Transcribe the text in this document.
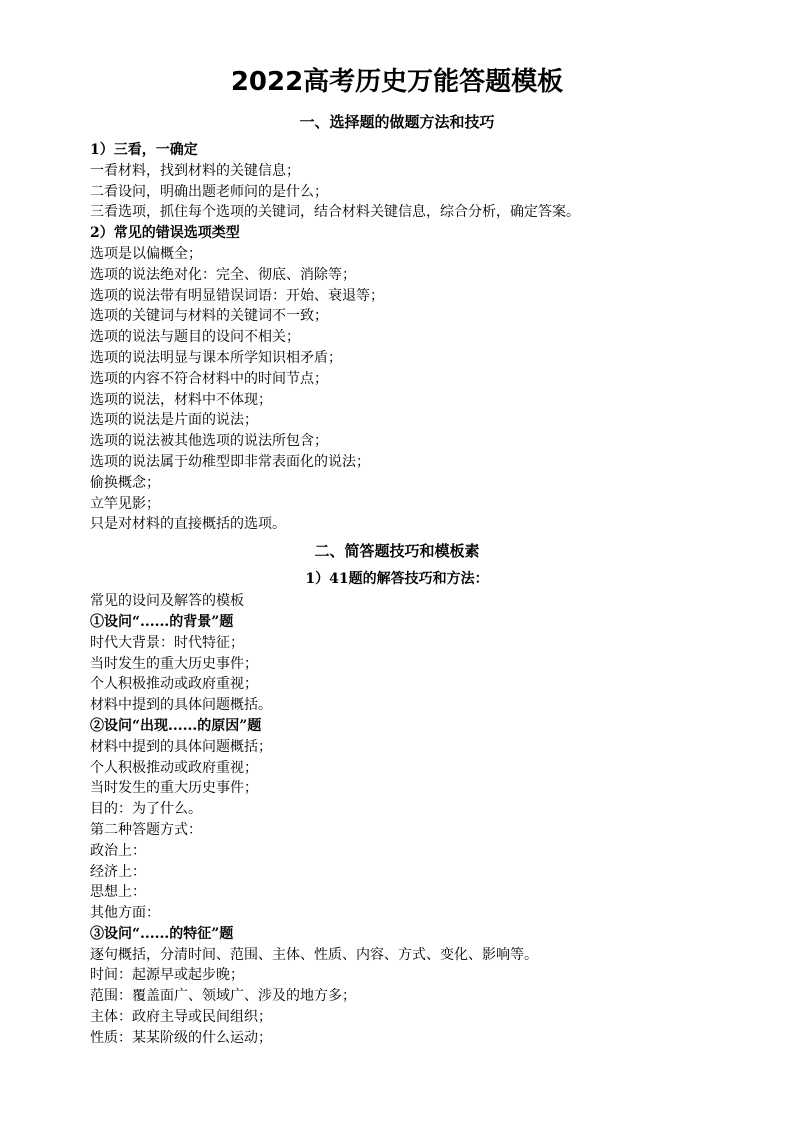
2022高考历史万能答题模板
一、选择题的做题方法和技巧
1）三看，一确定
一看材料，找到材料的关键信息；
二看设问，明确出题老师问的是什么；
三看选项，抓住每个选项的关键词，结合材料关键信息，综合分析，确定答案。
2）常见的错误选项类型
选项是以偏概全；
选项的说法绝对化：完全、彻底、消除等；
选项的说法带有明显错误词语：开始、衰退等；
选项的关键词与材料的关键词不一致；
选项的说法与题目的设问不相关；
选项的说法明显与课本所学知识相矛盾；
选项的内容不符合材料中的时间节点；
选项的说法，材料中不体现；
选项的说法是片面的说法；
选项的说法被其他选项的说法所包含；
选项的说法属于幼稚型即非常表面化的说法；
偷换概念；
立竿见影；
只是对材料的直接概括的选项。
二、简答题技巧和模板素
1）41题的解答技巧和方法：
常见的设问及解答的模板
①设问“......的背景”题
时代大背景：时代特征；
当时发生的重大历史事件；
个人积极推动或政府重视；
材料中提到的具体问题概括。
②设问“出现......的原因”题
材料中提到的具体问题概括；
个人积极推动或政府重视；
当时发生的重大历史事件；
目的：为了什么。
第二种答题方式：
政治上：
经济上：
思想上：
其他方面：
③设问“......的特征”题
逐句概括，分清时间、范围、主体、性质、内容、方式、变化、影响等。
时间：起源早或起步晚；
范围：覆盖面广、领域广、涉及的地方多；
主体：政府主导或民间组织；
性质：某某阶级的什么运动；
